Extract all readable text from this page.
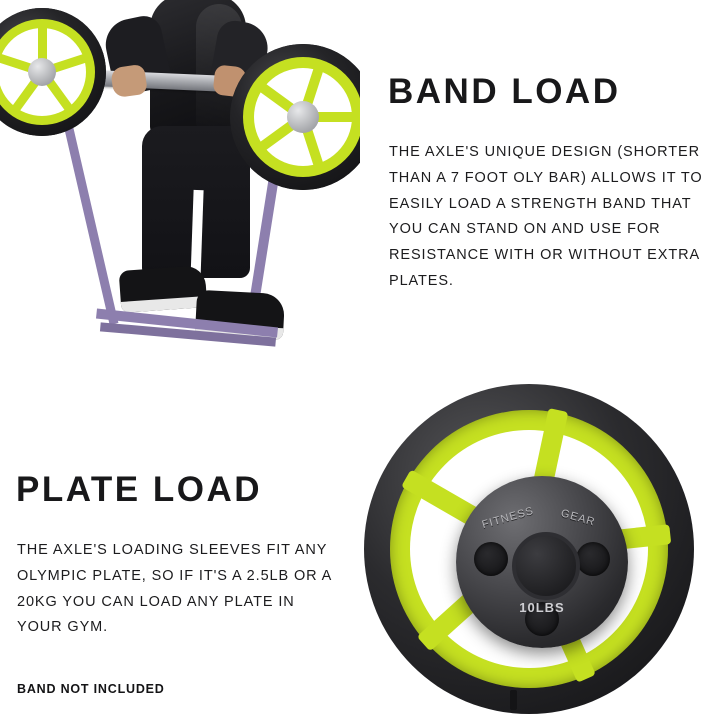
FITNESS	GEAR
10LBS
BAND LOAD
THE AXLE'S UNIQUE DESIGN (SHORTER THAN A 7 FOOT OLY BAR) ALLOWS IT TO EASILY LOAD A STRENGTH BAND THAT YOU CAN STAND ON AND USE FOR RESISTANCE WITH OR WITHOUT EXTRA PLATES.
PLATE LOAD
THE AXLE'S LOADING SLEEVES FIT ANY OLYMPIC PLATE, SO IF IT'S A 2.5LB OR A 20KG YOU CAN LOAD ANY PLATE IN YOUR GYM.
BAND NOT INCLUDED
